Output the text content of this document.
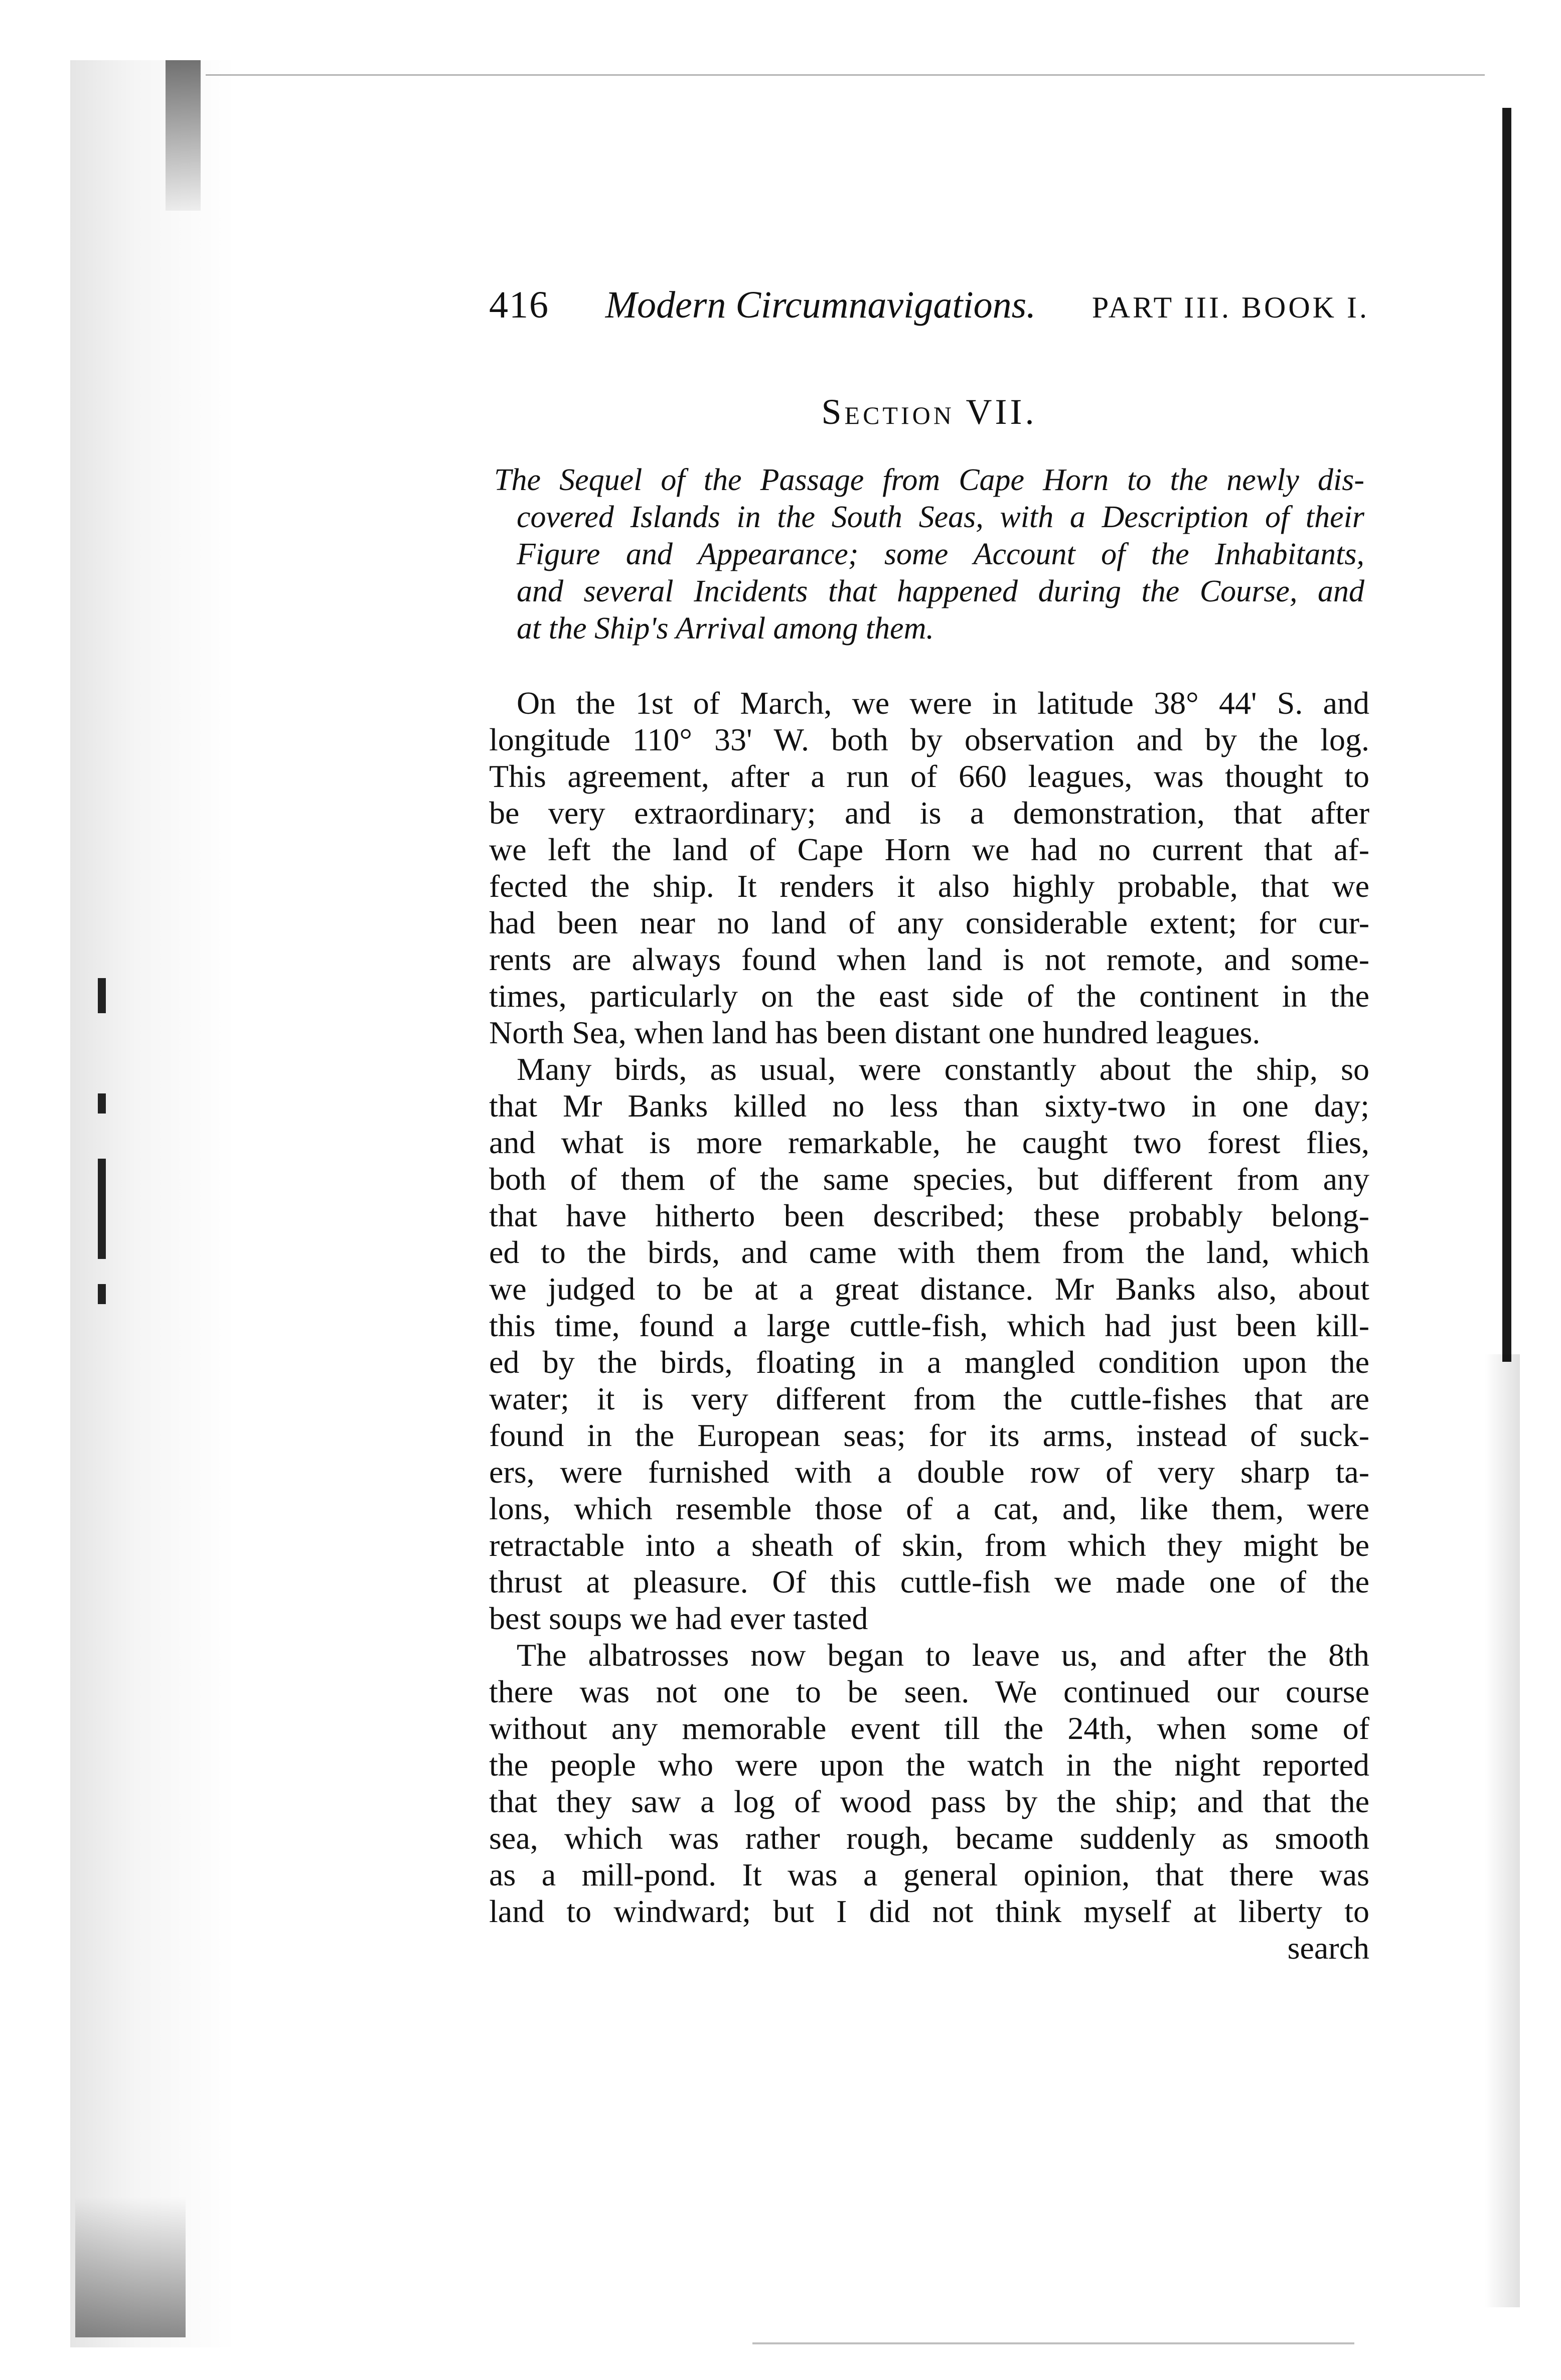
416 Modern Circumnavigations. PART III. BOOK I.
Section VII.
The Sequel of the Passage from Cape Horn to the newly dis-
covered Islands in the South Seas, with a Description of their
Figure and Appearance; some Account of the Inhabitants,
and several Incidents that happened during the Course, and
at the Ship's Arrival among them.
On the 1st of March, we were in latitude 38° 44' S. and
longitude 110° 33' W. both by observation and by the log.
This agreement, after a run of 660 leagues, was thought to
be very extraordinary; and is a demonstration, that after
we left the land of Cape Horn we had no current that af-
fected the ship. It renders it also highly probable, that we
had been near no land of any considerable extent; for cur-
rents are always found when land is not remote, and some-
times, particularly on the east side of the continent in the
North Sea, when land has been distant one hundred leagues.
Many birds, as usual, were constantly about the ship, so
that Mr Banks killed no less than sixty-two in one day;
and what is more remarkable, he caught two forest flies,
both of them of the same species, but different from any
that have hitherto been described; these probably belong-
ed to the birds, and came with them from the land, which
we judged to be at a great distance. Mr Banks also, about
this time, found a large cuttle-fish, which had just been kill-
ed by the birds, floating in a mangled condition upon the
water; it is very different from the cuttle-fishes that are
found in the European seas; for its arms, instead of suck-
ers, were furnished with a double row of very sharp ta-
lons, which resemble those of a cat, and, like them, were
retractable into a sheath of skin, from which they might be
thrust at pleasure. Of this cuttle-fish we made one of the
best soups we had ever tasted
The albatrosses now began to leave us, and after the 8th
there was not one to be seen. We continued our course
without any memorable event till the 24th, when some of
the people who were upon the watch in the night reported
that they saw a log of wood pass by the ship; and that the
sea, which was rather rough, became suddenly as smooth
as a mill-pond. It was a general opinion, that there was
land to windward; but I did not think myself at liberty to
search
